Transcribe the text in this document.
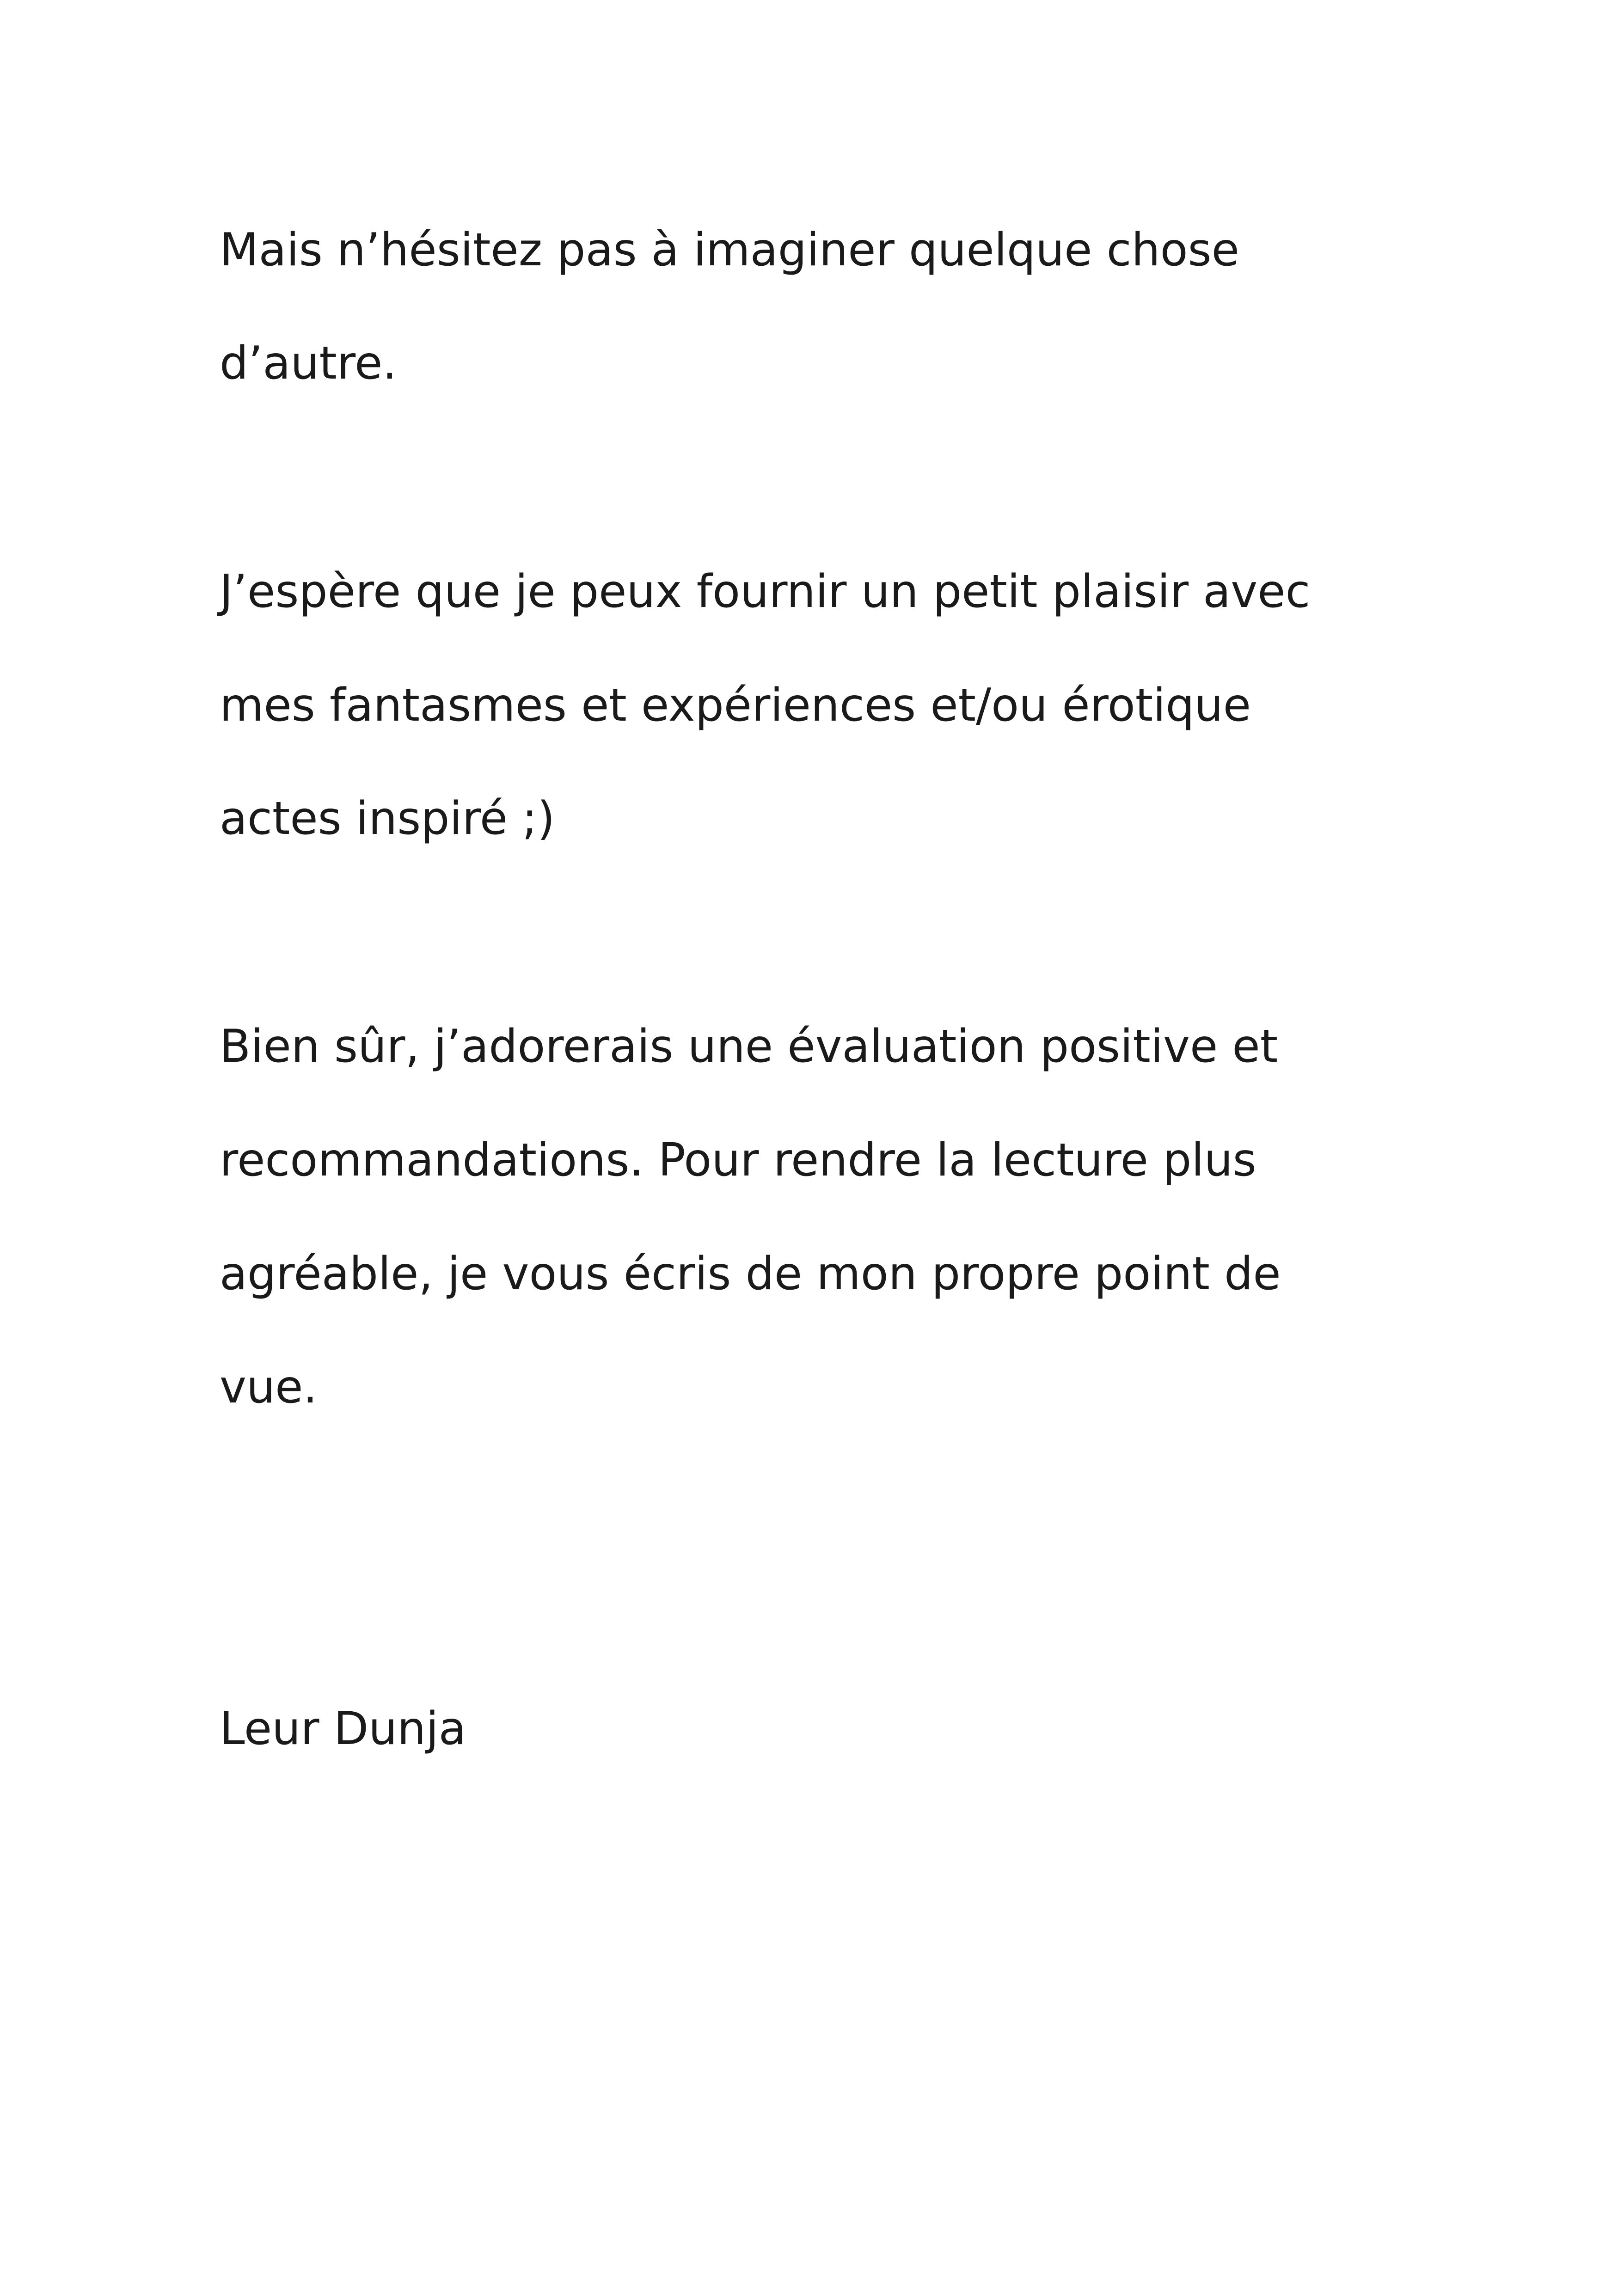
Mais n’hésitez pas à imaginer quelque chose

d’autre.

J’espère que je peux fournir un petit plaisir avec

mes fantasmes et expériences et/ou érotique

actes inspiré ;)

Bien sûr, j’adorerais une évaluation positive et

recommandations. Pour rendre la lecture plus

agréable, je vous écris de mon propre point de

vue.

Leur Dunja
